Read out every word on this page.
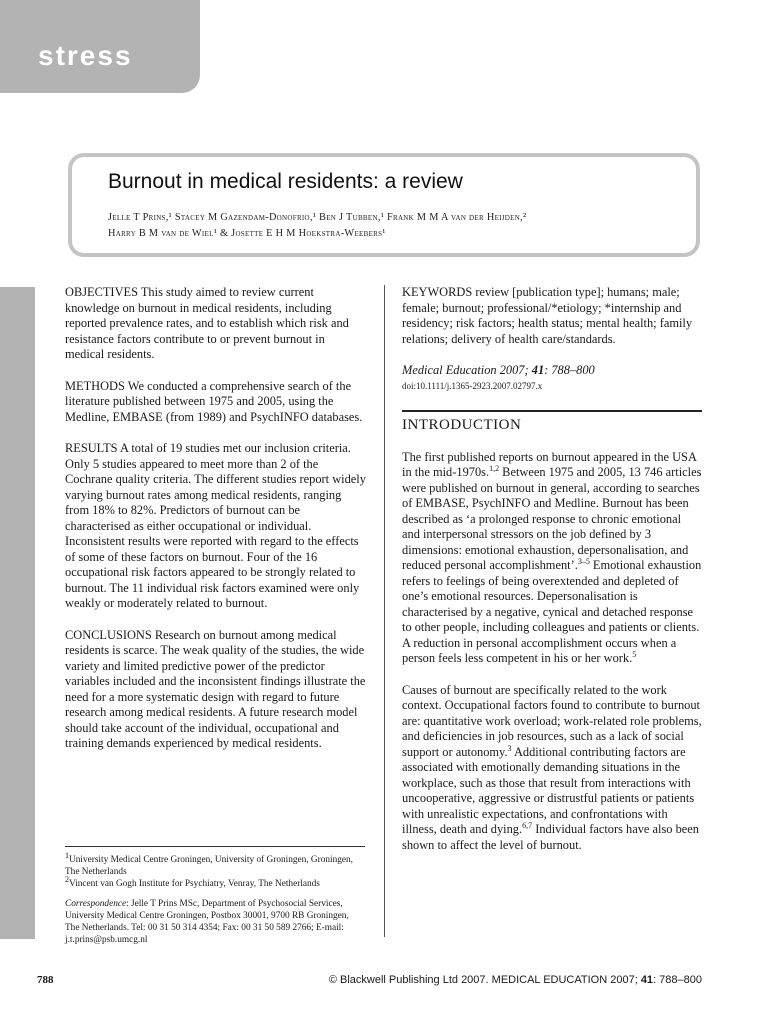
stress
Burnout in medical residents: a review
Jelle T Prins,¹ Stacey M Gazendam-Donofrio,¹ Ben J Tubben,¹ Frank M M A van der Heijden,²
Harry B M van de Wiel¹ & Josette E H M Hoekstra-Weebers¹

OBJECTIVES This study aimed to review current knowledge on burnout in medical residents, including reported prevalence rates, and to establish which risk and resistance factors contribute to or prevent burnout in medical residents.

METHODS We conducted a comprehensive search of the literature published between 1975 and 2005, using the Medline, EMBASE (from 1989) and PsychINFO databases.

RESULTS A total of 19 studies met our inclusion criteria. Only 5 studies appeared to meet more than 2 of the Cochrane quality criteria. The different studies report widely varying burnout rates among medical residents, ranging from 18% to 82%. Predictors of burnout can be characterised as either occupational or individual. Inconsistent results were reported with regard to the effects of some of these factors on burnout. Four of the 16 occupational risk factors appeared to be strongly related to burnout. The 11 individual risk factors examined were only weakly or moderately related to burnout.

CONCLUSIONS Research on burnout among medical residents is scarce. The weak quality of the studies, the wide variety and limited predictive power of the predictor variables included and the inconsistent findings illustrate the need for a more systematic design with regard to future research among medical residents. A future research model should take account of the individual, occupational and training demands experienced by medical residents.

$^1$University Medical Centre Groningen, University of Groningen, Groningen, The Netherlands
$^2$Vincent van Gogh Institute for Psychiatry, Venray, The Netherlands
Correspondence: Jelle T Prins MSc, Department of Psychosocial Services, University Medical Centre Groningen, Postbox 30001, 9700 RB Groningen, The Netherlands. Tel: 00 31 50 314 4354; Fax: 00 31 50 589 2766; E-mail: j.t.prins@psb.umcg.nl

KEYWORDS review [publication type]; humans; male; female; burnout; professional/*etiology; *internship and residency; risk factors; health status; mental health; family relations; delivery of health care/standards.

Medical Education 2007; 41: 788–800
doi:10.1111/j.1365-2923.2007.02797.x
INTRODUCTION

The first published reports on burnout appeared in the USA in the mid-1970s.$^{1,2}$ Between 1975 and 2005, 13 746 articles were published on burnout in general, according to searches of EMBASE, PsychINFO and Medline. Burnout has been described as ‘a prolonged response to chronic emotional and interpersonal stressors on the job defined by 3 dimensions: emotional exhaustion, depersonalisation, and reduced personal accomplishment’.$^{3-5}$ Emotional exhaustion refers to feelings of being overextended and depleted of one’s emotional resources. Depersonalisation is characterised by a negative, cynical and detached response to other people, including colleagues and patients or clients. A reduction in personal accomplishment occurs when a person feels less competent in his or her work.$^5$

Causes of burnout are specifically related to the work context. Occupational factors found to contribute to burnout are: quantitative work overload; work-related role problems, and deficiencies in job resources, such as a lack of social support or autonomy.$^3$ Additional contributing factors are associated with emotionally demanding situations in the workplace, such as those that result from interactions with uncooperative, aggressive or distrustful patients or patients with unrealistic expectations, and confrontations with illness, death and dying.$^{6,7}$ Individual factors have also been shown to affect the level of burnout.

788	© Blackwell Publishing Ltd 2007. MEDICAL EDUCATION 2007; 41: 788–800
